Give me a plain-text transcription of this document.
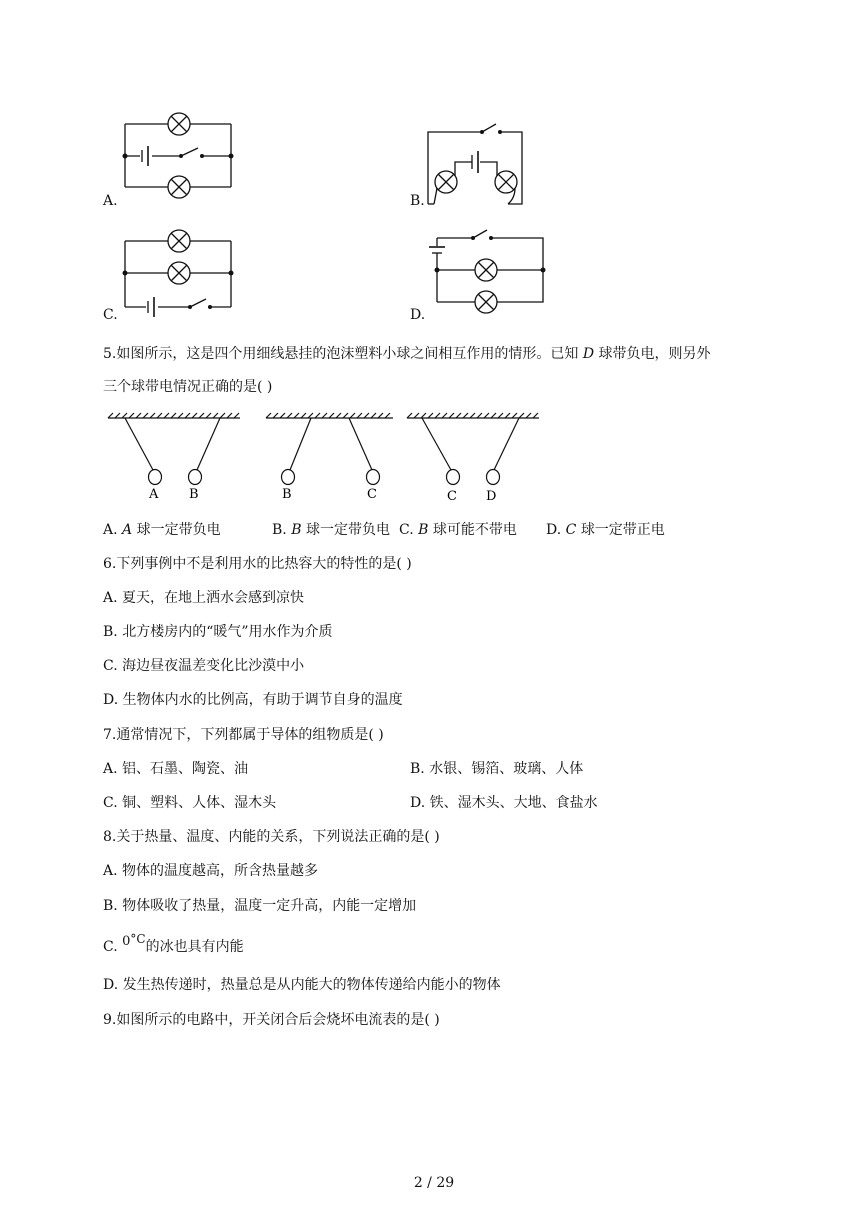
A.	B.
C.	D.
5.如图所示，这是四个用细线悬挂的泡沫塑料小球之间相互作用的情形。已知 D 球带负电，则另外
三个球带电情况正确的是( )
A B	B	C	C D
A. A 球一定带负电	B. B 球一定带负电 C. B 球可能不带电 D. C 球一定带正电
6.下列事例中不是利用水的比热容大的特性的是( )
A. 夏天，在地上洒水会感到凉快
B. 北方楼房内的“暖气”用水作为介质
C. 海边昼夜温差变化比沙漠中小
D. 生物体内水的比例高，有助于调节自身的温度
7.通常情况下，下列都属于导体的组物质是( )
A. 铝、石墨、陶瓷、油	B. 水银、锡箔、玻璃、人体
C. 铜、塑料、人体、湿木头	D. 铁、湿木头、大地、食盐水
8.关于热量、温度、内能的关系，下列说法正确的是( )
A. 物体的温度越高，所含热量越多
B. 物体吸收了热量，温度一定升高，内能一定增加
C. 0°C的冰也具有内能
D. 发生热传递时，热量总是从内能大的物体传递给内能小的物体
9.如图所示的电路中，开关闭合后会烧坏电流表的是( )
2 / 29
